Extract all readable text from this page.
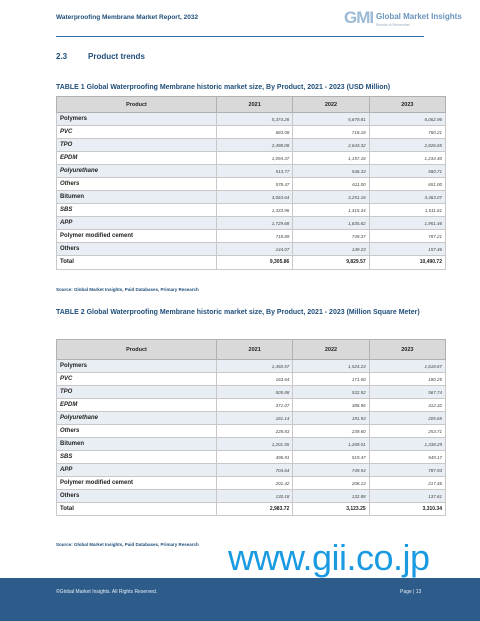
Waterproofing Membrane Market Report, 2032	GMI Global Market Insights
Results to Remember
2.3	Product trends
TABLE 1 Global Waterproofing Membrane historic market size, By Product, 2021 - 2023 (USD Million)
Product	2021	2022	2023
Polymers	5,374.26	5,679.81	6,062.96
PVC	683.08	718.18	760.21
TPO	2,498.08	2,643.32	2,826.65
EPDM	1,094.37	1,157.18	1,234.40
Polyurethane	513.77	546.33	580.71
Others	578.47	611.00	651.00
Bitumen	3,063.64	3,251.16	3,463.07
SBS	1,333.96	1,415.34	1,511.61
APP	1,729.68	1,835.82	1,951.46
Polymer modified cement	718.89	749.37	787.21
Others	144.07	149.23	157.46
Total	9,305.86	9,829.57	10,490.72
Source: Global Market Insights, Paid Databases, Primary Research
TABLE 2 Global Waterproofing Membrane historic market size, By Product, 2021 - 2023 (Million Square Meter)
Product	2021	2022	2023
Polymers	1,450.57	1,524.23	1,618.67
PVC	163.64	171.00	180.25
TPO	505.88	532.92	567.74
EPDM	371.07	388.96	412.32
Polyurethane	181.14	191.93	205.65
Others	228.83	239.60	253.71
Bitumen	1,201.55	1,269.01	1,338.29
SBS	496.91	519.47	549.17
APP	704.64	749.54	787.93
Polymer modified cement	201.42	208.13	217.46
Others	130.18	132.88	137.61
Total	2,983.72	3,123.25	3,310.34
Source: Global Market Insights, Paid Databases, Primary Research www.gii.co.jp
©Global Market Insights. All Rights Reserved.	Page | 13
